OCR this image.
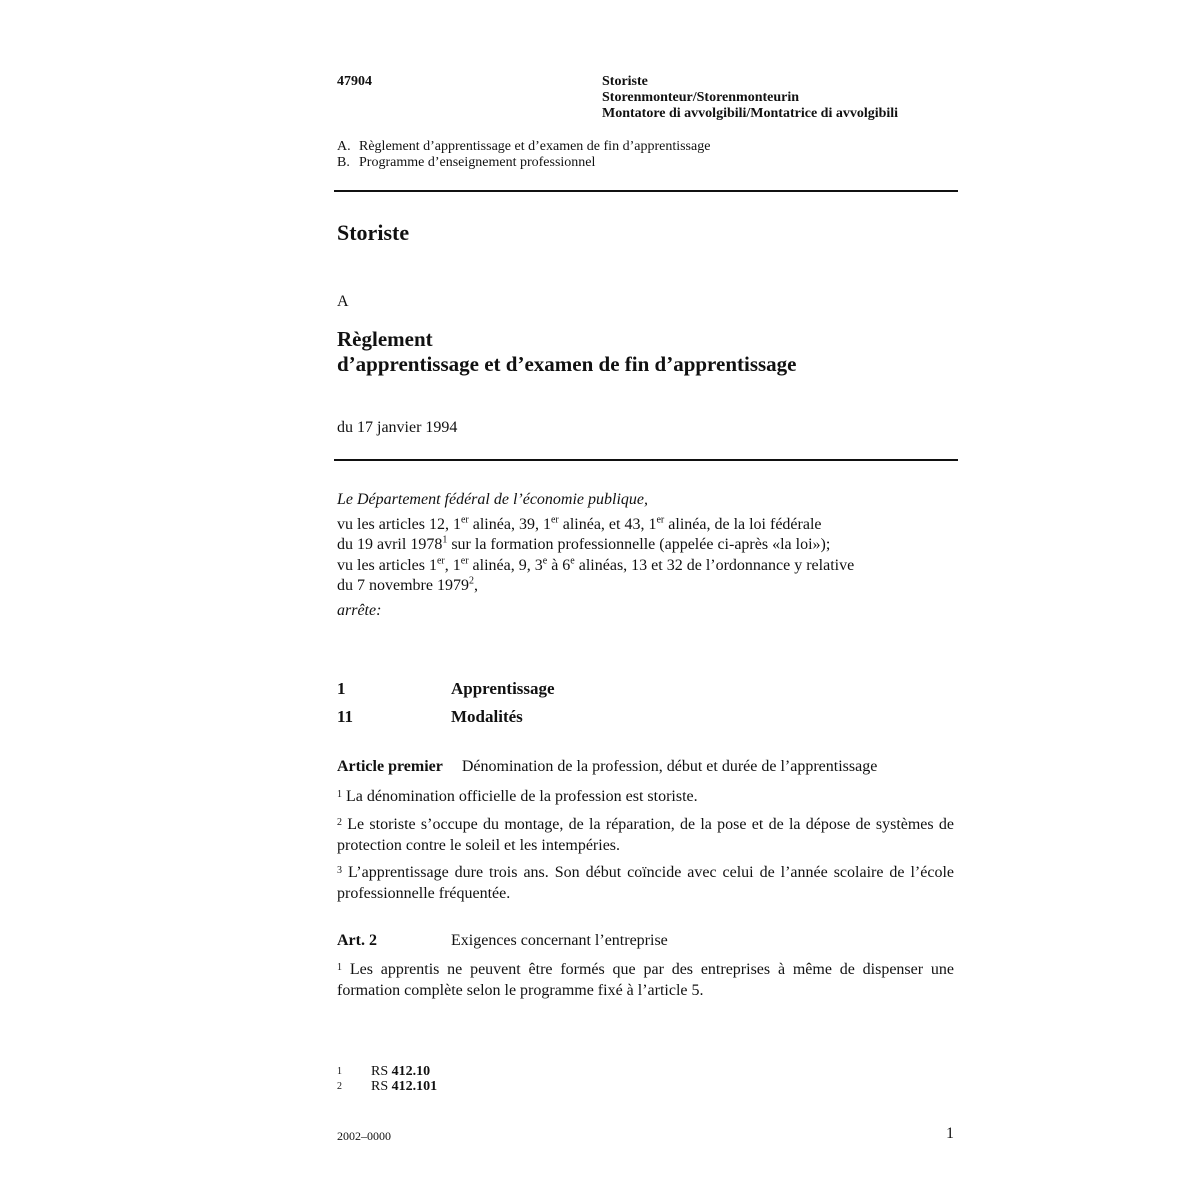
47904	Storiste
Storenmonteur/Storenmonteurin
Montatore di avvolgibili/Montatrice di avvolgibili
A. Règlement d’apprentissage et d’examen de fin d’apprentissage
B. Programme d’enseignement professionnel
Storiste
A
Règlement
d’apprentissage et d’examen de fin d’apprentissage
du 17 janvier 1994
Le Département fédéral de l’économie publique,
vu les articles 12, 1er alinéa, 39, 1er alinéa, et 43, 1er alinéa, de la loi fédérale
du 19 avril 1978$^1$ sur la formation professionnelle (appelée ci-après «la loi»);
vu les articles 1er, 1er alinéa, 9, 3e à 6e alinéas, 13 et 32 de l’ordonnance y relative
du 7 novembre 1979$^2$,
arrête:
1	Apprentissage
11	Modalités
Article premier Dénomination de la profession, début et durée de l’apprentissage
$^1$ La dénomination officielle de la profession est storiste.
$^2$ Le storiste s’occupe du montage, de la réparation, de la pose et de la dépose de systèmes de protection contre le soleil et les intempéries.
$^3$ L’apprentissage dure trois ans. Son début coïncide avec celui de l’année scolaire de l’école professionnelle fréquentée.
Art. 2	Exigences concernant l’entreprise
$^1$ Les apprentis ne peuvent être formés que par des entreprises à même de dispenser une formation complète selon le programme fixé à l’article 5.
1	RS 412.10
2	RS 412.101
2002–0000	1
